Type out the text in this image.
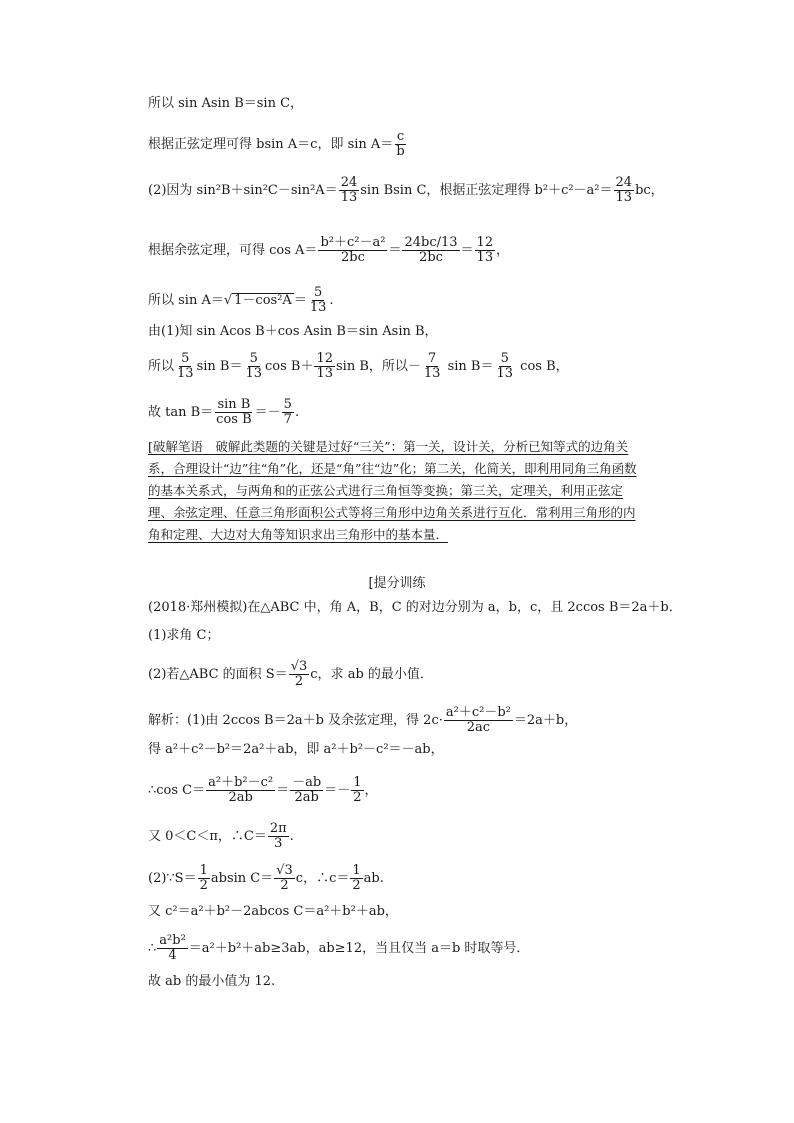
所以 sin Asin B＝sin C，
根据正弦定理可得 bsin A＝c，即 $\sin A= \frac{c}{b}$
(2)因为 $\sin^2B+\sin^2C-\sin^2A= \frac{24}{13}$ sin Bsin C，根据正弦定理得 $b^2+c^2-a^2= \frac{24}{13}$ bc，
根据余弦定理，可得 $\cos A= \frac{\text{b²＋c²－a²}}{2bc} = \frac{24bc/13}{2bc} = \frac{12}{13}$ ，
所以 sin A＝√ $1-\cos^2A = \frac{5}{13}$ .
由(1)知 sin Acos B＋cos Asin B＝sin Asin B，
所以 $\frac{5}{13}$ $\sin B= \frac{5}{13}$ $\cos B+ \frac{12}{13}$ sin B，所以－ $\frac{7}{13}$ $\sin B= \frac{5}{13}$ cos B，
故 $\tan B= \frac{\text{sin B}}{\text{cos B}} =- \frac{5}{7}$ .
[破解笔语  破解此类题的关键是过好“三关”：第一关，设计关，分析已知等式的边角关系，合理设计“边”往“角”化，还是“角”往“边”化；第二关，化简关，即利用同角三角函数的基本关系式，与两角和的正弦公式进行三角恒等变换；第三关，定理关，利用正弦定理、余弦定理、任意三角形面积公式等将三角形中边角关系进行互化．常利用三角形的内角和定理、大边对大角等知识求出三角形中的基本量．
[提分训练
(2018·郑州模拟)在△ABC 中，角 A，B，C 的对边分别为 a，b，c，且 2ccos B＝2a＋b．
(1)求角 C；
(2)若△ABC 的面积 $S= \frac{√3}{2}$ c，求 ab 的最小值．
解析：(1)由 2ccos B＝2a＋b 及余弦定理，得 $2c\cdot \frac{\text{a²＋c²－b²}}{2ac} =2a+b$，
得 a²＋c²－b²＝2a²＋ab，即 a²＋b²－c²＝－ab，
∴cos $C= \frac{\text{a²＋b²－c²}}{2ab} = \frac{-ab}{2ab} =- \frac{1}{2}$ ，
又 0＜C＜π，∴C＝ $\frac{2\pi}{3}$ .
(2)∵S＝ $\frac{1}{2}$ absin $C= \frac{√3}{2}$ c，∴c＝ $\frac{1}{2}$ ab.
又 c²＝a²＋b²－2abcos C＝a²＋b²＋ab，
∴ $\frac{\text{a²b²}}{4} =a^2+b^2+ab\ge 3ab$，ab≥12，当且仅当 a＝b 时取等号．
故 ab 的最小值为 12.
